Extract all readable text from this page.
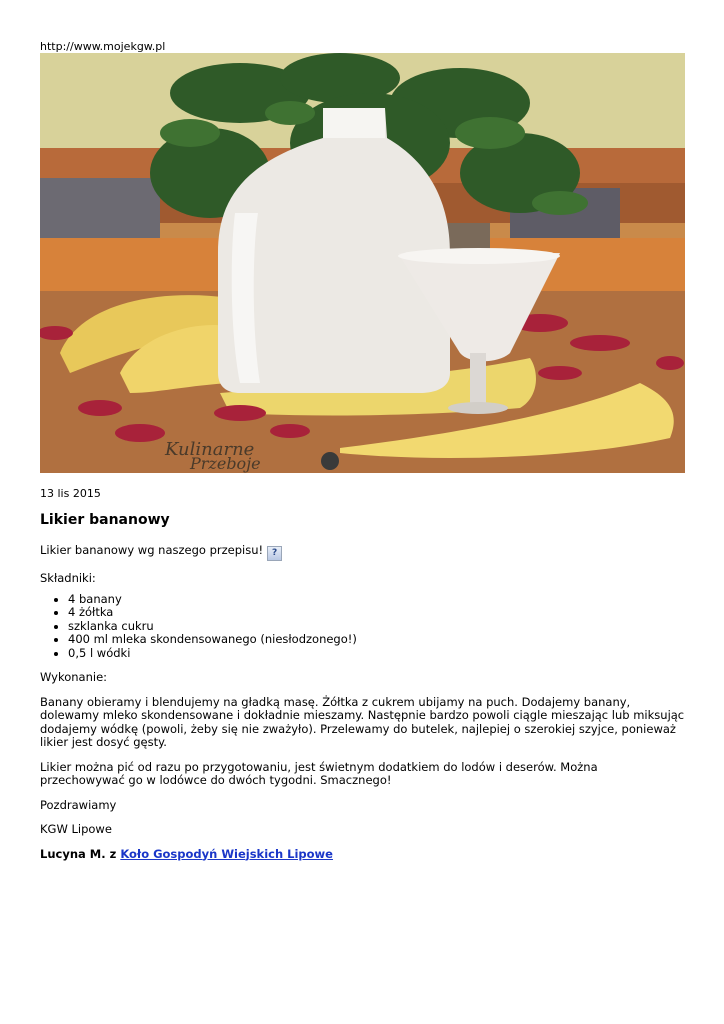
http://www.mojekgw.pl
Kulinarne
Przeboje
13 lis 2015
Likier bananowy

Likier bananowy wg naszego przepisu! ?

Składniki:

• 4 banany
• 4 żółtka
• szklanka cukru
• 400 ml mleka skondensowanego (niesłodzonego!)
• 0,5 l wódki

Wykonanie:

Banany obieramy i blendujemy na gładką masę. Żółtka z cukrem ubijamy na puch. Dodajemy banany, dolewamy mleko skondensowane i dokładnie mieszamy. Następnie bardzo powoli ciągle mieszając lub miksując dodajemy wódkę (powoli, żeby się nie zważyło). Przelewamy do butelek, najlepiej o szerokiej szyjce, ponieważ likier jest dosyć gęsty.

Likier można pić od razu po przygotowaniu, jest świetnym dodatkiem do lodów i deserów. Można przechowywać go w lodówce do dwóch tygodni. Smacznego!

Pozdrawiamy

KGW Lipowe

Lucyna M. z Koło Gospodyń Wiejskich Lipowe
